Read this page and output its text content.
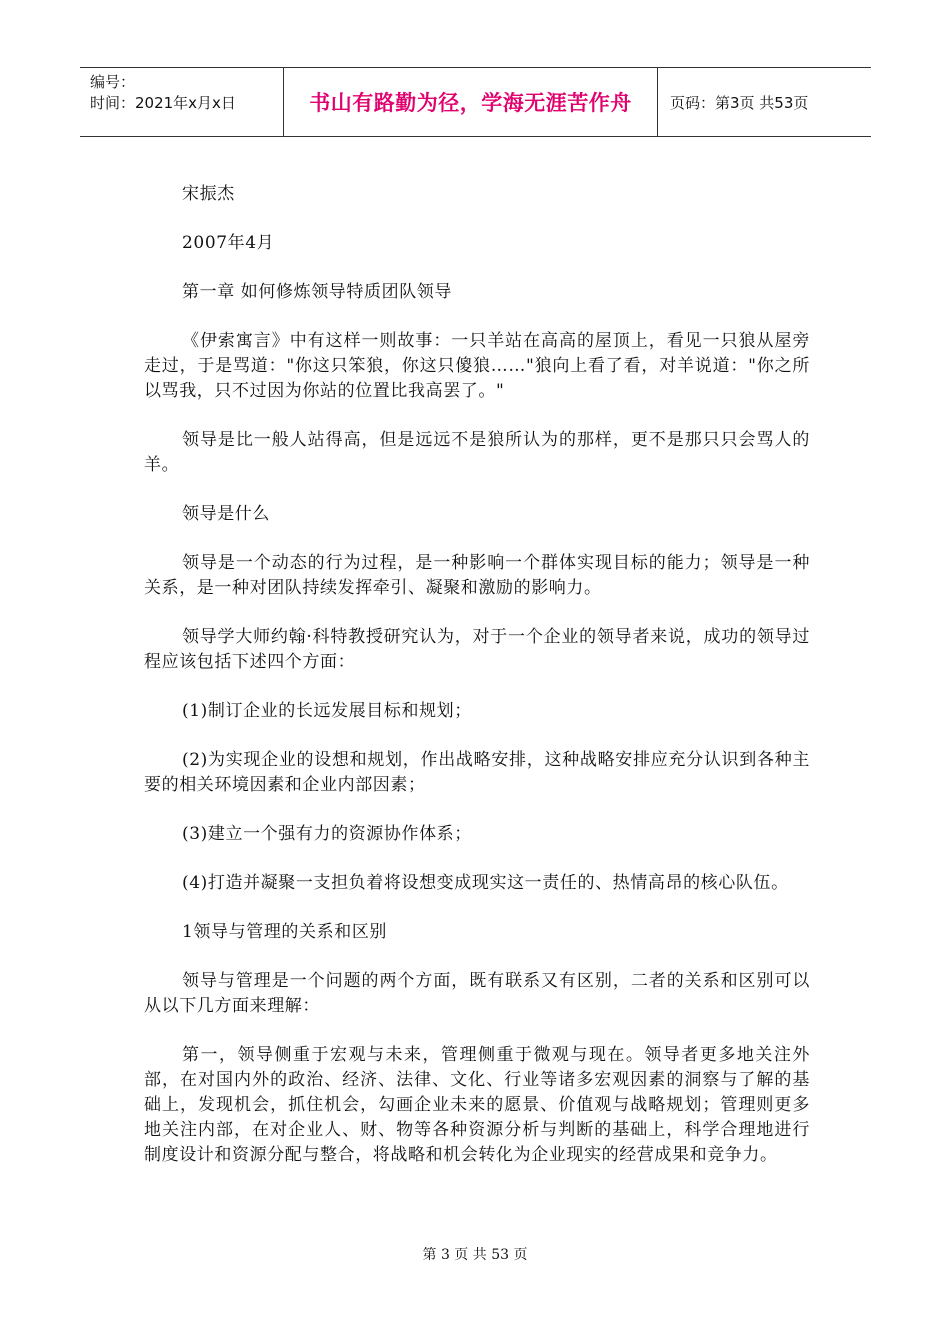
编号：
时间：2021年x月x日	书山有路勤为径，学海无涯苦作舟	页码：第3页 共53页

宋振杰

2007年4月

第一章 如何修炼领导特质团队领导

《伊索寓言》中有这样一则故事：一只羊站在高高的屋顶上，看见一只狼从屋旁走过，于是骂道："你这只笨狼，你这只傻狼……"狼向上看了看，对羊说道："你之所以骂我，只不过因为你站的位置比我高罢了。"

领导是比一般人站得高，但是远远不是狼所认为的那样，更不是那只只会骂人的羊。

领导是什么

领导是一个动态的行为过程，是一种影响一个群体实现目标的能力；领导是一种关系，是一种对团队持续发挥牵引、凝聚和激励的影响力。

领导学大师约翰·科特教授研究认为，对于一个企业的领导者来说，成功的领导过程应该包括下述四个方面：

(1)制订企业的长远发展目标和规划；

(2)为实现企业的设想和规划，作出战略安排，这种战略安排应充分认识到各种主要的相关环境因素和企业内部因素；

(3)建立一个强有力的资源协作体系；

(4)打造并凝聚一支担负着将设想变成现实这一责任的、热情高昂的核心队伍。

1领导与管理的关系和区别

领导与管理是一个问题的两个方面，既有联系又有区别，二者的关系和区别可以从以下几方面来理解：

第一，领导侧重于宏观与未来，管理侧重于微观与现在。领导者更多地关注外部，在对国内外的政治、经济、法律、文化、行业等诸多宏观因素的洞察与了解的基础上，发现机会，抓住机会，勾画企业未来的愿景、价值观与战略规划；管理则更多地关注内部，在对企业人、财、物等各种资源分析与判断的基础上，科学合理地进行制度设计和资源分配与整合，将战略和机会转化为企业现实的经营成果和竞争力。

第 3 页 共 53 页
